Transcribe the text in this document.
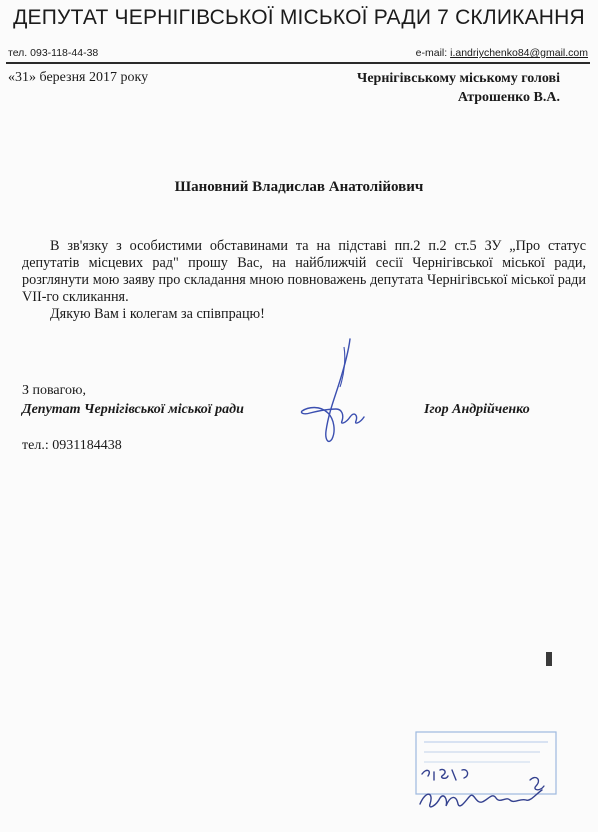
ДЕПУТАТ ЧЕРНІГІВСЬКОЇ МІСЬКОЇ РАДИ 7 СКЛИКАННЯ
тел. 093-118-44-38	e-mail: i.andriychenko84@gmail.com
«31» березня 2017 року	Чернігівському міському голові
Атрошенко В.А.
Шановний Владислав Анатолійович

В зв'язку з особистими обставинами та на підставі пп.2 п.2 ст.5 ЗУ „Про статус депутатів місцевих рад" прошу Вас, на найближчій сесії Чернігівської міської ради, розглянути мою заяву про складання мною повноважень депутата Чернігівської міської ради VII-го скликання.

Дякую Вам і колегам за співпрацю!
З повагою,
Депутат Чернігівської міської ради	Ігор Андрійченко
тел.: 0931184438
